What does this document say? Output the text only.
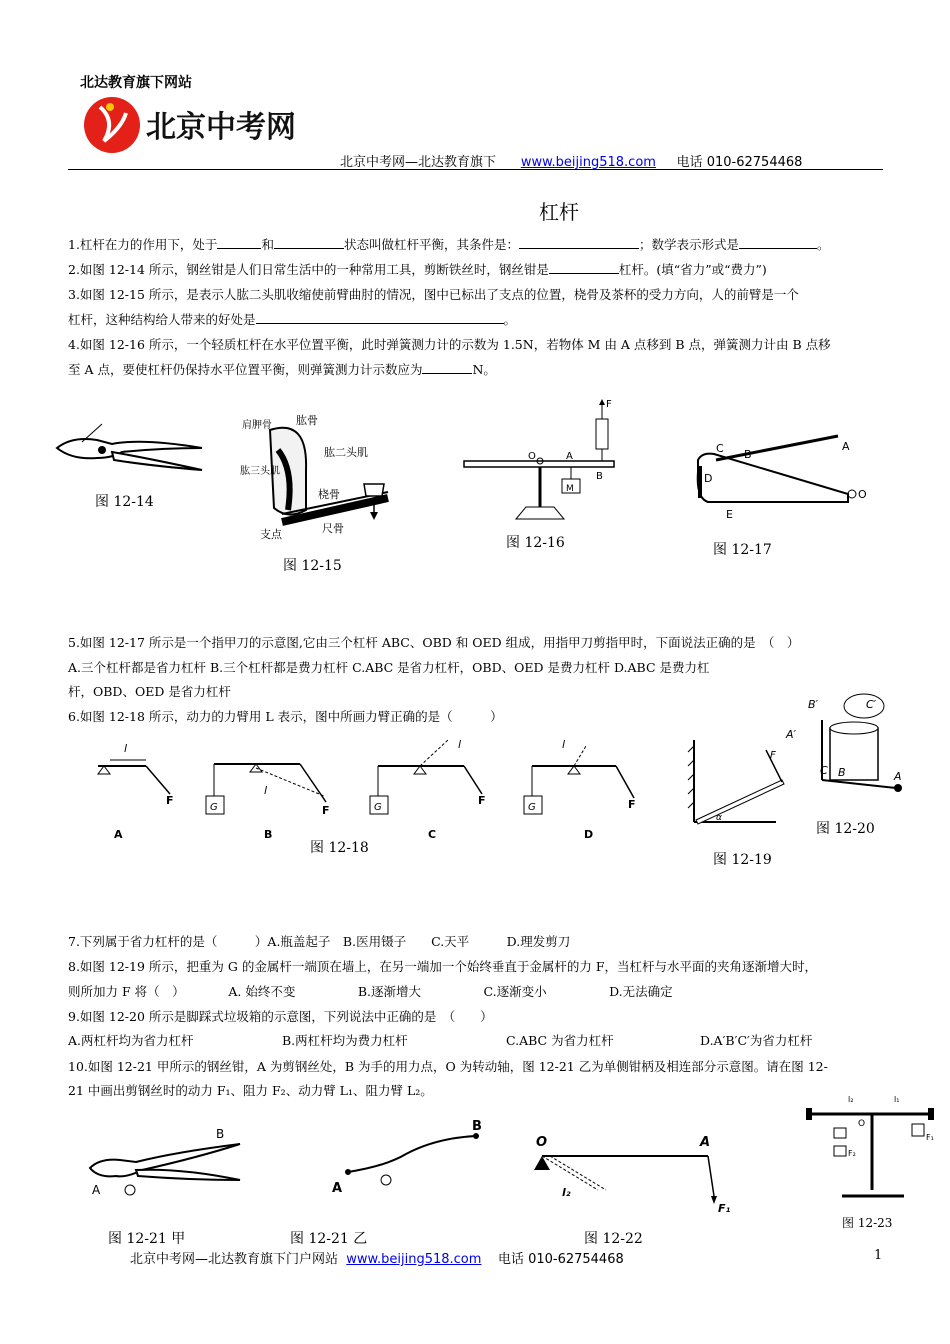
北达教育旗下网站
北京中考网
北京中考网—北达教育旗下 www.beijing518.com 电话 010-62754468
杠杆
1.杠杆在力的作用下，处于	和	状态叫做杠杆平衡，其条件是：	；数学表示形式是	。
2.如图 12-14 所示，钢丝钳是人们日常生活中的一种常用工具，剪断铁丝时，钢丝钳是	杠杆。(填“省力”或“费力”)
3.如图 12-15 所示，是表示人肱二头肌收缩使前臂曲肘的情况，图中已标出了支点的位置，桡骨及茶杯的受力方向，人的前臂是一个
杠杆，这种结构给人带来的好处是	。
4.如图 12-16 所示，一个轻质杠杆在水平位置平衡，此时弹簧测力计的示数为 1.5N，若物体 M 由 A 点移到 B 点，弹簧测力计由 B 点移
至 A 点，要使杠杆仍保持水平位置平衡，则弹簧测力计示数应为	N。
图 12-14
肩胛骨 肱骨
肱二头肌
肱三头肌
桡骨
尺骨
支点
图 12-15
O	A
B
M
F
图 12-16
C B
A
D
O
E
图 12-17
5.如图 12-17 所示是一个指甲刀的示意图,它由三个杠杆 ABC、OBD 和 OED 组成，用指甲刀剪指甲时，下面说法正确的是　（　）
A.三个杠杆都是省力杠杆 B.三个杠杆都是费力杠杆 C.ABC 是省力杠杆，OBD、OED 是费力杠杆 D.ABC 是费力杠
杆，OBD、OED 是省力杠杆
6.如图 12-18 所示，动力的力臂用 L 表示，图中所画力臂正确的是（　　　）
l
F
A
G
l
F
B
G
l
F
C
G
l
F
D
图 12-18
F
α
图 12-19
B′	C′
A′
C B	A
图 12-20
7.下列属于省力杠杆的是（　　　）A.瓶盖起子　B.医用镊子　　C.天平　　　D.理发剪刀
8.如图 12-19 所示，把重为 G 的金属杆一端顶在墙上，在另一端加一个始终垂直于金属杆的力 F，当杠杆与水平面的夹角逐渐增大时，
则所加力 F 将（　）　　　　A. 始终不变　　　　　B.逐渐增大　　　　　C.逐渐变小　　　　　D.无法确定
9.如图 12-20 所示是脚踩式垃圾箱的示意图，下列说法中正确的是　（　　）
A.两杠杆均为省力杠杆	B.两杠杆均为费力杠杆	C.ABC 为省力杠杆	D.A′B′C′为省力杠杆
10.如图 12-21 甲所示的钢丝钳，A 为剪钢丝处，B 为手的用力点，O 为转动轴，图 12-21 乙为单侧钳柄及相连部分示意图。请在图 12-
21 中画出剪钢丝时的动力 F₁、阻力 F₂、动力臂 L₁、阻力臂 L₂。
l₂	l₁
O
F₁
F₂
图 12-23
B
A
图 12-21 甲
B
A
图 12-21 乙
O	A
l₂
F₁
图 12-22
北京中考网—北达教育旗下门户网站 www.beijing518.com 电话 010-62754468	1
